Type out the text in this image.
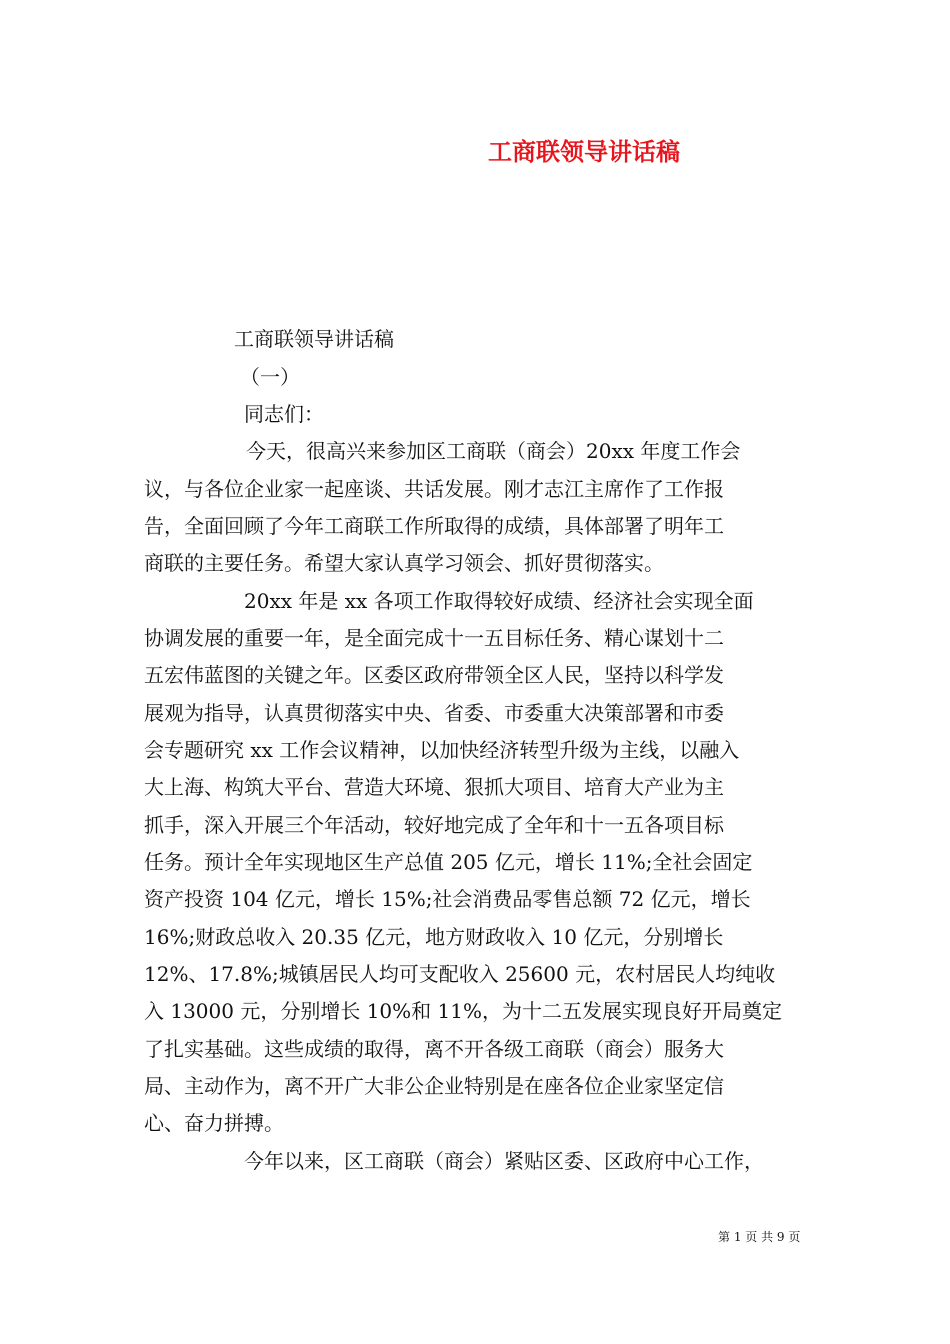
工商联领导讲话稿
工商联领导讲话稿
（一）
同志们：
今天，很高兴来参加区工商联（商会）20xx 年度工作会
议，与各位企业家一起座谈、共话发展。刚才志江主席作了工作报
告，全面回顾了今年工商联工作所取得的成绩，具体部署了明年工
商联的主要任务。希望大家认真学习领会、抓好贯彻落实。
20xx 年是 xx 各项工作取得较好成绩、经济社会实现全面
协调发展的重要一年，是全面完成十一五目标任务、精心谋划十二
五宏伟蓝图的关键之年。区委区政府带领全区人民，坚持以科学发
展观为指导，认真贯彻落实中央、省委、市委重大决策部署和市委
会专题研究 xx 工作会议精神，以加快经济转型升级为主线，以融入
大上海、构筑大平台、营造大环境、狠抓大项目、培育大产业为主
抓手，深入开展三个年活动，较好地完成了全年和十一五各项目标
任务。预计全年实现地区生产总值 205 亿元，增长 11%;全社会固定
资产投资 104 亿元，增长 15%;社会消费品零售总额 72 亿元，增长
16%;财政总收入 20.35 亿元，地方财政收入 10 亿元，分别增长
12%、17.8%;城镇居民人均可支配收入 25600 元，农村居民人均纯收
入 13000 元，分别增长 10%和 11%，为十二五发展实现良好开局奠定
了扎实基础。这些成绩的取得，离不开各级工商联（商会）服务大
局、主动作为，离不开广大非公企业特别是在座各位企业家坚定信
心、奋力拼搏。
今年以来，区工商联（商会）紧贴区委、区政府中心工作，
第 1 页 共 9 页
